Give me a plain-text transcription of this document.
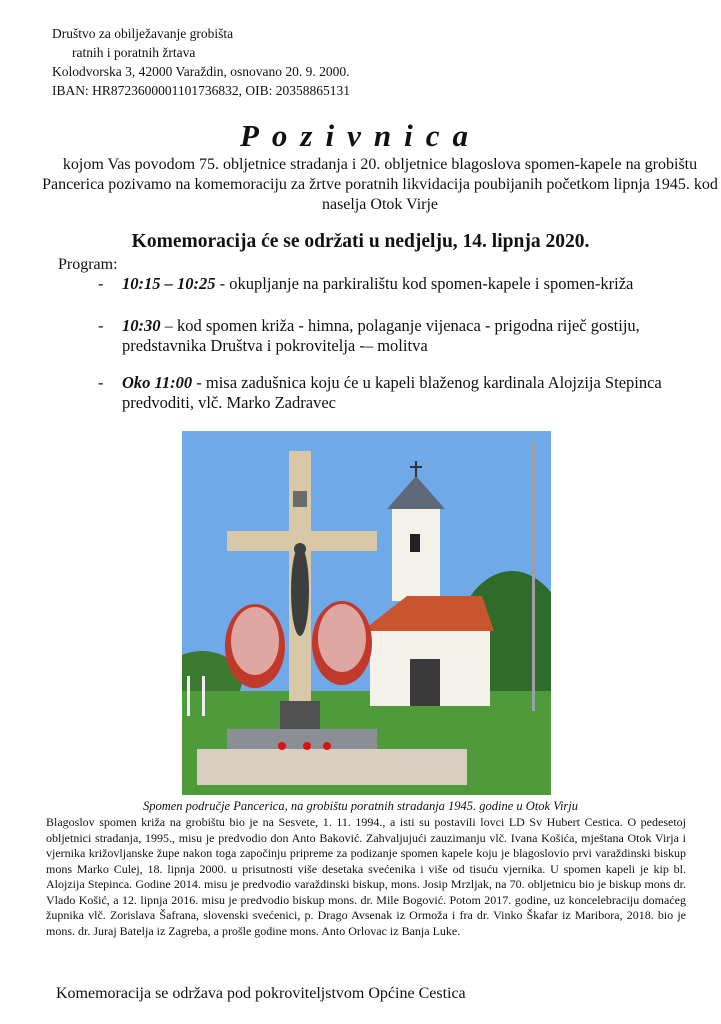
Društvo za obilježavanje grobišta
ratnih i poratnih žrtava
Kolodvorska 3, 42000 Varaždin, osnovano 20. 9. 2000.
IBAN: HR8723600001101736832, OIB: 20358865131
Pozivnica
kojom Vas povodom 75. obljetnice stradanja i 20. obljetnice blagoslova spomen-kapele na grobištu Pancerica pozivamo na komemoraciju za žrtve poratnih likvidacija poubijanih početkom lipnja 1945. kod naselja Otok Virje
Komemoracija će se održati u nedjelju, 14. lipnja 2020.
Program:
- 10:15 – 10:25 - okupljanje na parkiralištu kod spomen-kapele i spomen-križa
- 10:30 – kod spomen križa - himna, polaganje vijenaca - prigodna riječ gostiju, predstavnika Društva i pokrovitelja -– molitva
- Oko 11:00 - misa zadušnica koju će u kapeli blaženog kardinala Alojzija Stepinca predvoditi, vlč. Marko Zadravec
Spomen područje Pancerica, na grobištu poratnih stradanja 1945. godine u Otok Virju
Blagoslov spomen križa na grobištu bio je na Sesvete, 1. 11. 1994., a isti su postavili lovci LD Sv Hubert Cestica. O pedesetoj obljetnici stradanja, 1995., misu je predvodio don Anto Baković. Zahvaljujući zauzimanju vlč. Ivana Košića, mještana Otok Virja i vjernika križovljanske župe nakon toga započinju pripreme za podizanje spomen kapele koju je blagoslovio prvi varaždinski biskup mons Marko Culej, 18. lipnja 2000. u prisutnosti više desetaka svećenika i više od tisuću vjernika. U spomen kapeli je kip bl. Alojzija Stepinca. Godine 2014. misu je predvodio varaždinski biskup, mons. Josip Mrzljak, na 70. obljetnicu bio je biskup mons dr. Vlado Košić, a 12. lipnja 2016. misu je predvodio biskup mons. dr. Mile Bogović. Potom 2017. godine, uz koncelebraciju domaćeg župnika vlč. Zorislava Šafrana, slovenski svećenici, p. Drago Avsenak iz Ormoža i fra dr. Vinko Škafar iz Maribora, 2018. bio je mons. dr. Juraj Batelja iz Zagreba, a prošle godine mons. Anto Orlovac iz Banja Luke.
Komemoracija se održava pod pokroviteljstvom Općine Cestica
